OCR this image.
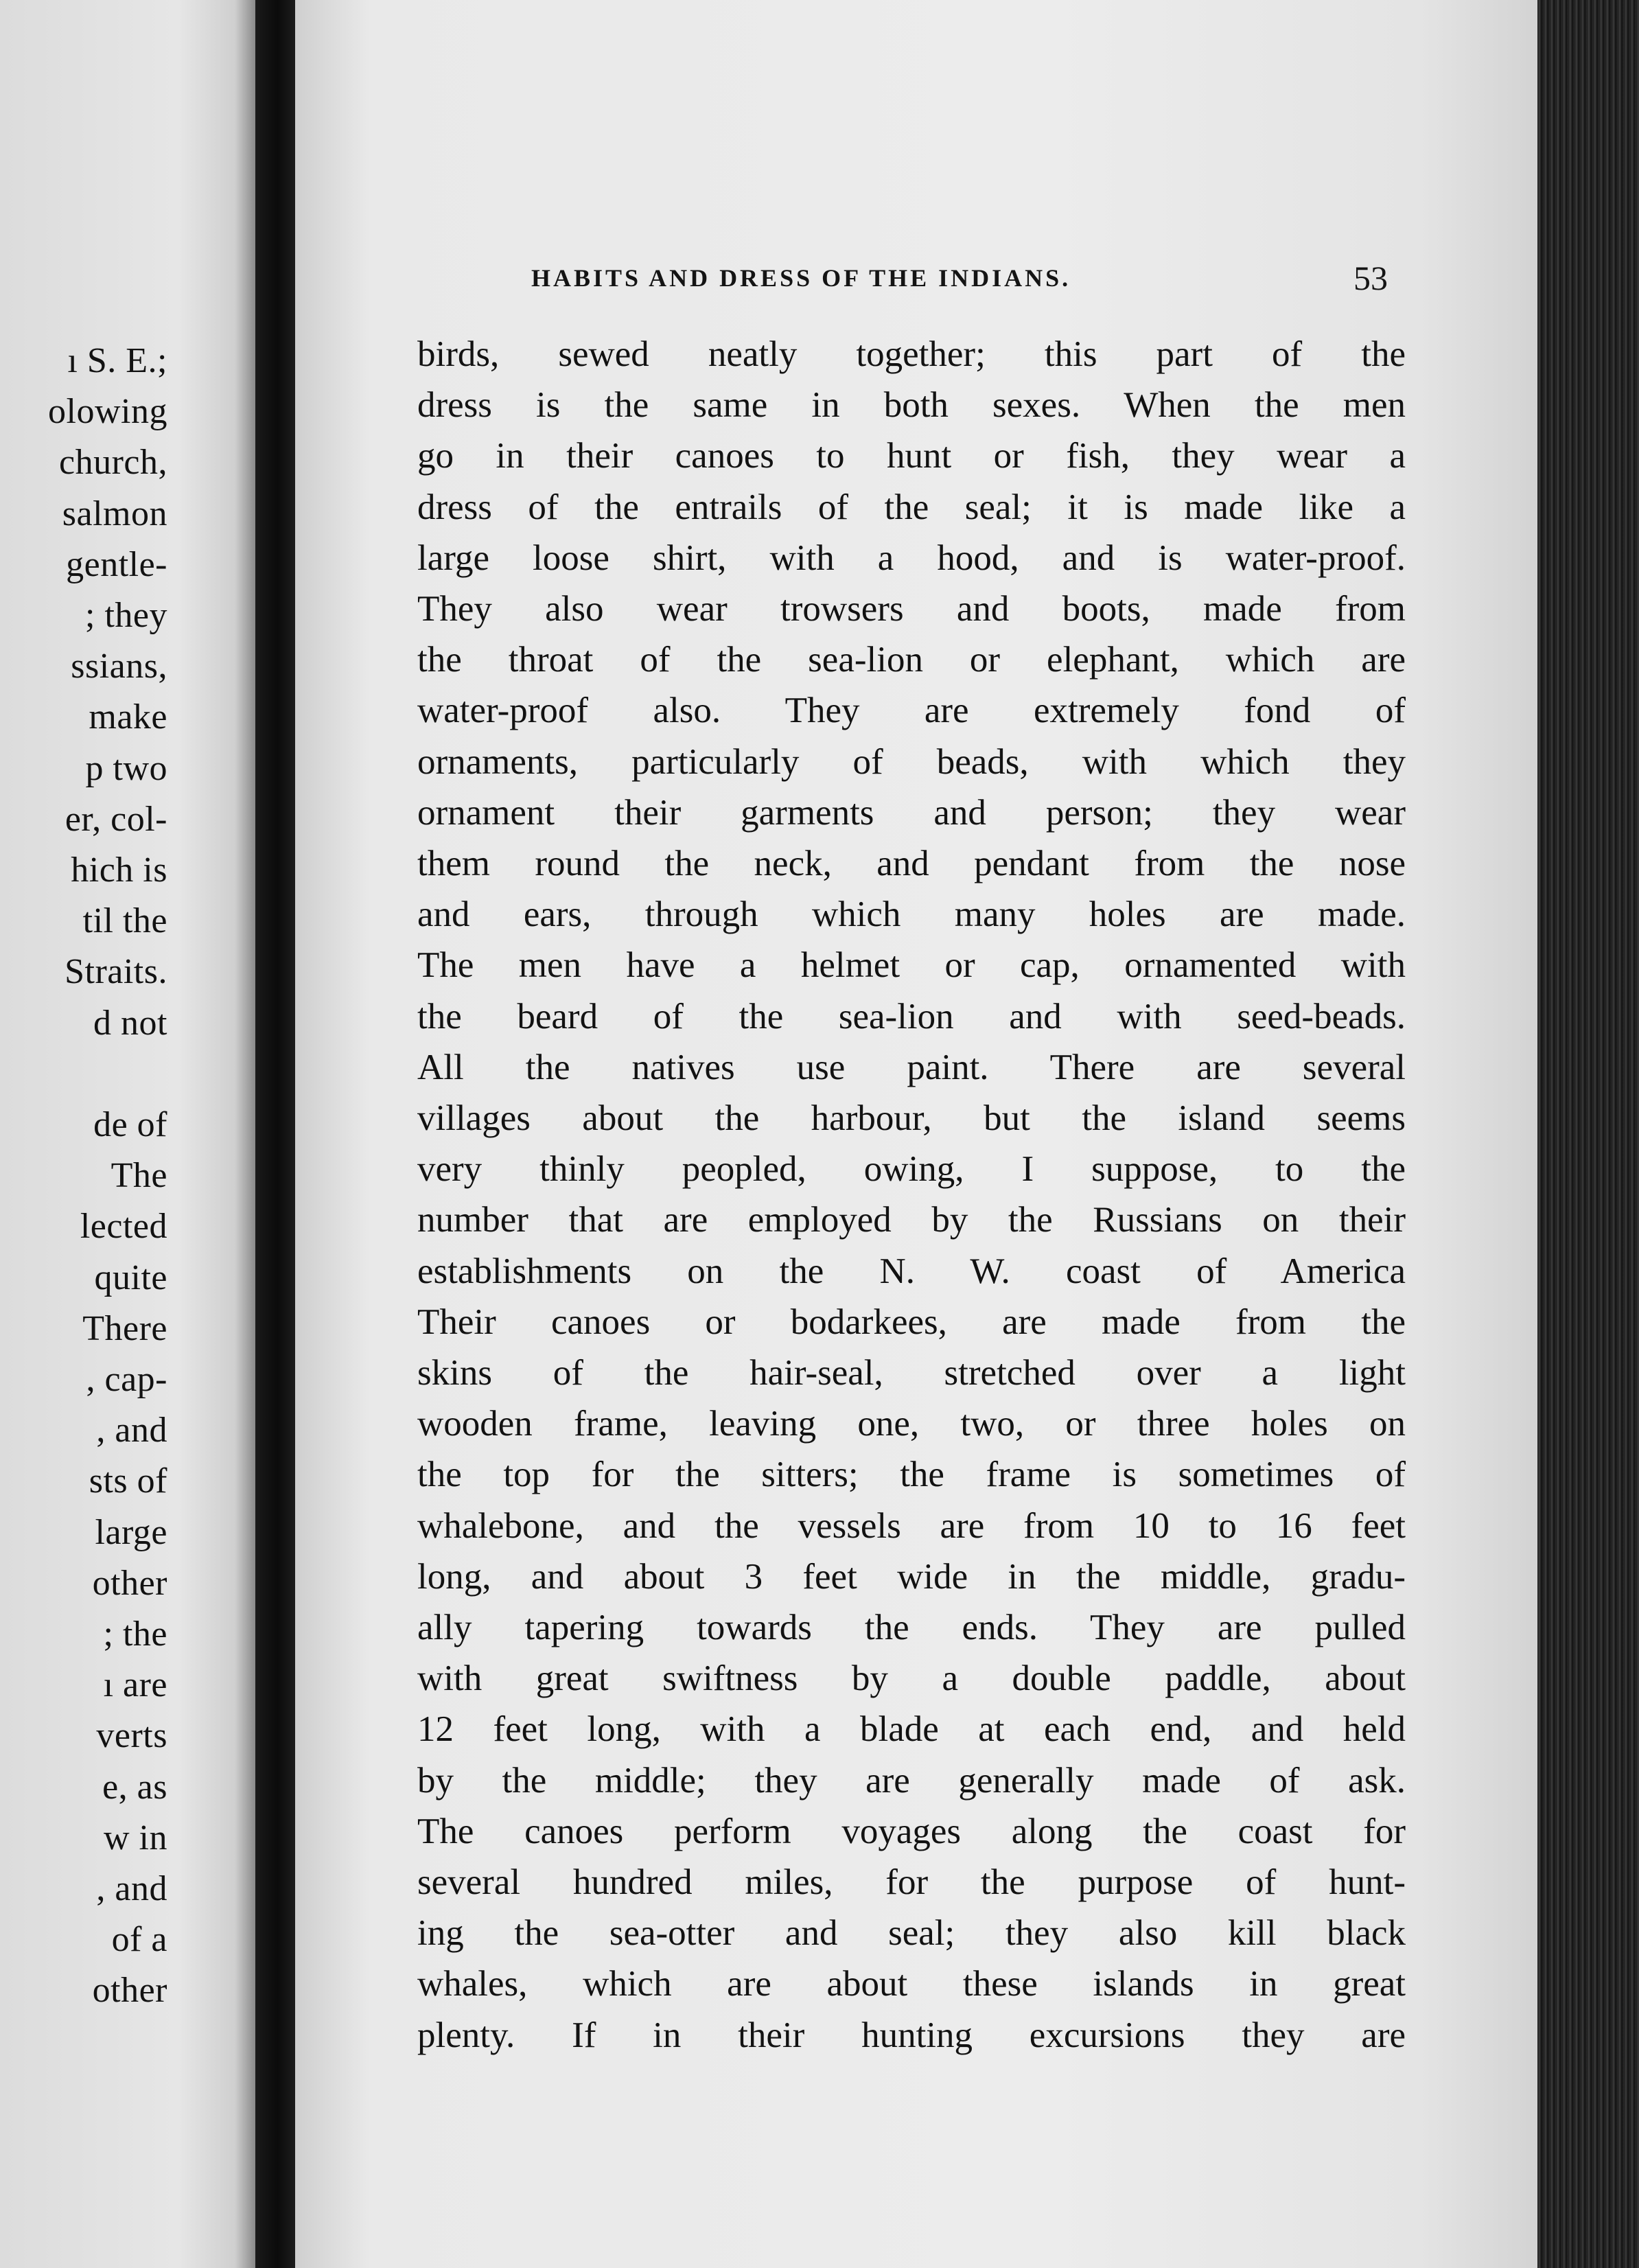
ı S. E.;
olowing
church,
salmon
gentle-
; they
ssians,
make
p two
er, col-
hich is
til the
Straits.
d not
de of
The
lected
quite
There
, cap-
, and
sts of
large
other
; the
ı are
verts
e, as
w in
, and
of a
other
HABITS AND DRESS OF THE INDIANS.	53
birds, sewed neatly together; this part of the
dress is the same in both sexes. When the men
go in their canoes to hunt or fish, they wear a
dress of the entrails of the seal; it is made like a
large loose shirt, with a hood, and is water-proof.
They also wear trowsers and boots, made from
the throat of the sea-lion or elephant, which are
water-proof also. They are extremely fond of
ornaments, particularly of beads, with which they
ornament their garments and person; they wear
them round the neck, and pendant from the nose
and ears, through which many holes are made.
The men have a helmet or cap, ornamented with
the beard of the sea-lion and with seed-beads.
All the natives use paint. There are several
villages about the harbour, but the island seems
very thinly peopled, owing, I suppose, to the
number that are employed by the Russians on their
establishments on the N. W. coast of America
Their canoes or bodarkees, are made from the
skins of the hair-seal, stretched over a light
wooden frame, leaving one, two, or three holes on
the top for the sitters; the frame is sometimes of
whalebone, and the vessels are from 10 to 16 feet
long, and about 3 feet wide in the middle, gradu-
ally tapering towards the ends. They are pulled
with great swiftness by a double paddle, about
12 feet long, with a blade at each end, and held
by the middle; they are generally made of ask.
The canoes perform voyages along the coast for
several hundred miles, for the purpose of hunt-
ing the sea-otter and seal; they also kill black
whales, which are about these islands in great
plenty. If in their hunting excursions they are
